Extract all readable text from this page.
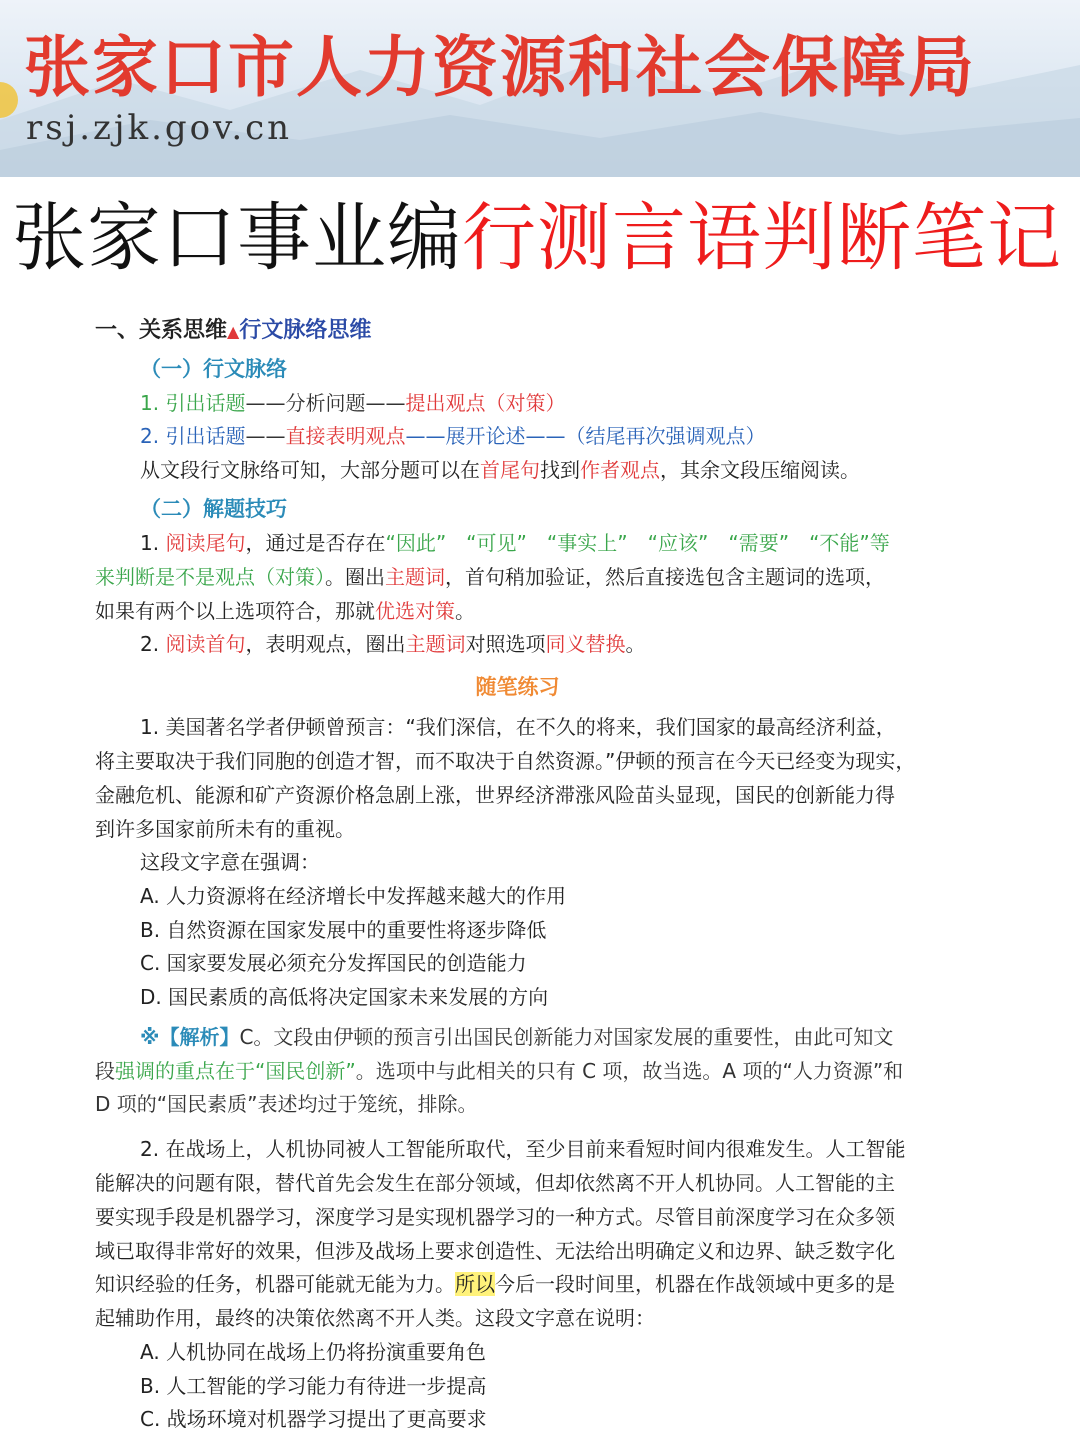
张家口市人力资源和社会保障局
rsj.zjk.gov.cn
张家口事业编行测言语判断笔记
一、关系思维▲行文脉络思维
（一）行文脉络
1. 引出话题——分析问题——提出观点（对策）
2. 引出话题——直接表明观点——展开论述——（结尾再次强调观点）
从文段行文脉络可知，大部分题可以在首尾句找到作者观点，其余文段压缩阅读。
（二）解题技巧
1. 阅读尾句，通过是否存在“因此”　“可见”　“事实上”　“应该”　“需要”　“不能”等
来判断是不是观点（对策）。圈出主题词，首句稍加验证，然后直接选包含主题词的选项，
如果有两个以上选项符合，那就优选对策。
2. 阅读首句，表明观点，圈出主题词对照选项同义替换。
随笔练习
1. 美国著名学者伊顿曾预言：“我们深信，在不久的将来，我们国家的最高经济利益，
将主要取决于我们同胞的创造才智，而不取决于自然资源。”伊顿的预言在今天已经变为现实，
金融危机、能源和矿产资源价格急剧上涨，世界经济滞涨风险苗头显现，国民的创新能力得
到许多国家前所未有的重视。
这段文字意在强调：
A. 人力资源将在经济增长中发挥越来越大的作用
B. 自然资源在国家发展中的重要性将逐步降低
C. 国家要发展必须充分发挥国民的创造能力
D. 国民素质的高低将决定国家未来发展的方向
※【解析】C。文段由伊顿的预言引出国民创新能力对国家发展的重要性，由此可知文
段强调的重点在于“国民创新”。选项中与此相关的只有 C 项，故当选。A 项的“人力资源”和
D 项的“国民素质”表述均过于笼统，排除。
2. 在战场上，人机协同被人工智能所取代，至少目前来看短时间内很难发生。人工智能
能解决的问题有限，替代首先会发生在部分领域，但却依然离不开人机协同。人工智能的主
要实现手段是机器学习，深度学习是实现机器学习的一种方式。尽管目前深度学习在众多领
域已取得非常好的效果，但涉及战场上要求创造性、无法给出明确定义和边界、缺乏数字化
知识经验的任务，机器可能就无能为力。所以今后一段时间里，机器在作战领域中更多的是
起辅助作用，最终的决策依然离不开人类。这段文字意在说明：
A. 人机协同在战场上仍将扮演重要角色
B. 人工智能的学习能力有待进一步提高
C. 战场环境对机器学习提出了更高要求
